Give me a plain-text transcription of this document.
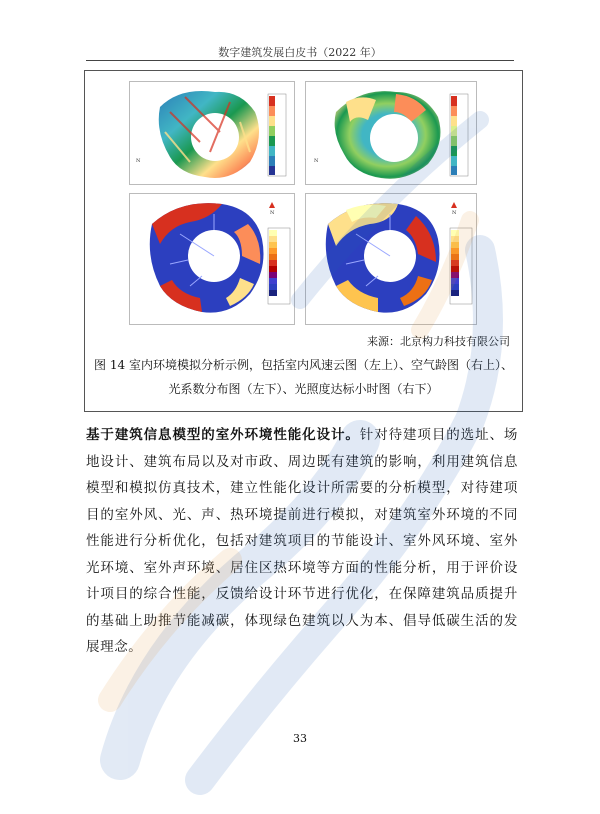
数字建筑发展白皮书（2022 年）
N	N
N	N
来源：北京构力科技有限公司
图 14 室内环境模拟分析示例，包括室内风速云图（左上）、空气龄图（右上）、
光系数分布图（左下）、光照度达标小时图（右下）
基于建筑信息模型的室外环境性能化设计。针对待建项目的选址、场地设计、建筑布局以及对市政、周边既有建筑的影响，利用建筑信息模型和模拟仿真技术，建立性能化设计所需要的分析模型，对待建项目的室外风、光、声、热环境提前进行模拟，对建筑室外环境的不同性能进行分析优化，包括对建筑项目的节能设计、室外风环境、室外光环境、室外声环境、居住区热环境等方面的性能分析，用于评价设计项目的综合性能，反馈给设计环节进行优化，在保障建筑品质提升的基础上助推节能减碳，体现绿色建筑以人为本、倡导低碳生活的发展理念。
33
